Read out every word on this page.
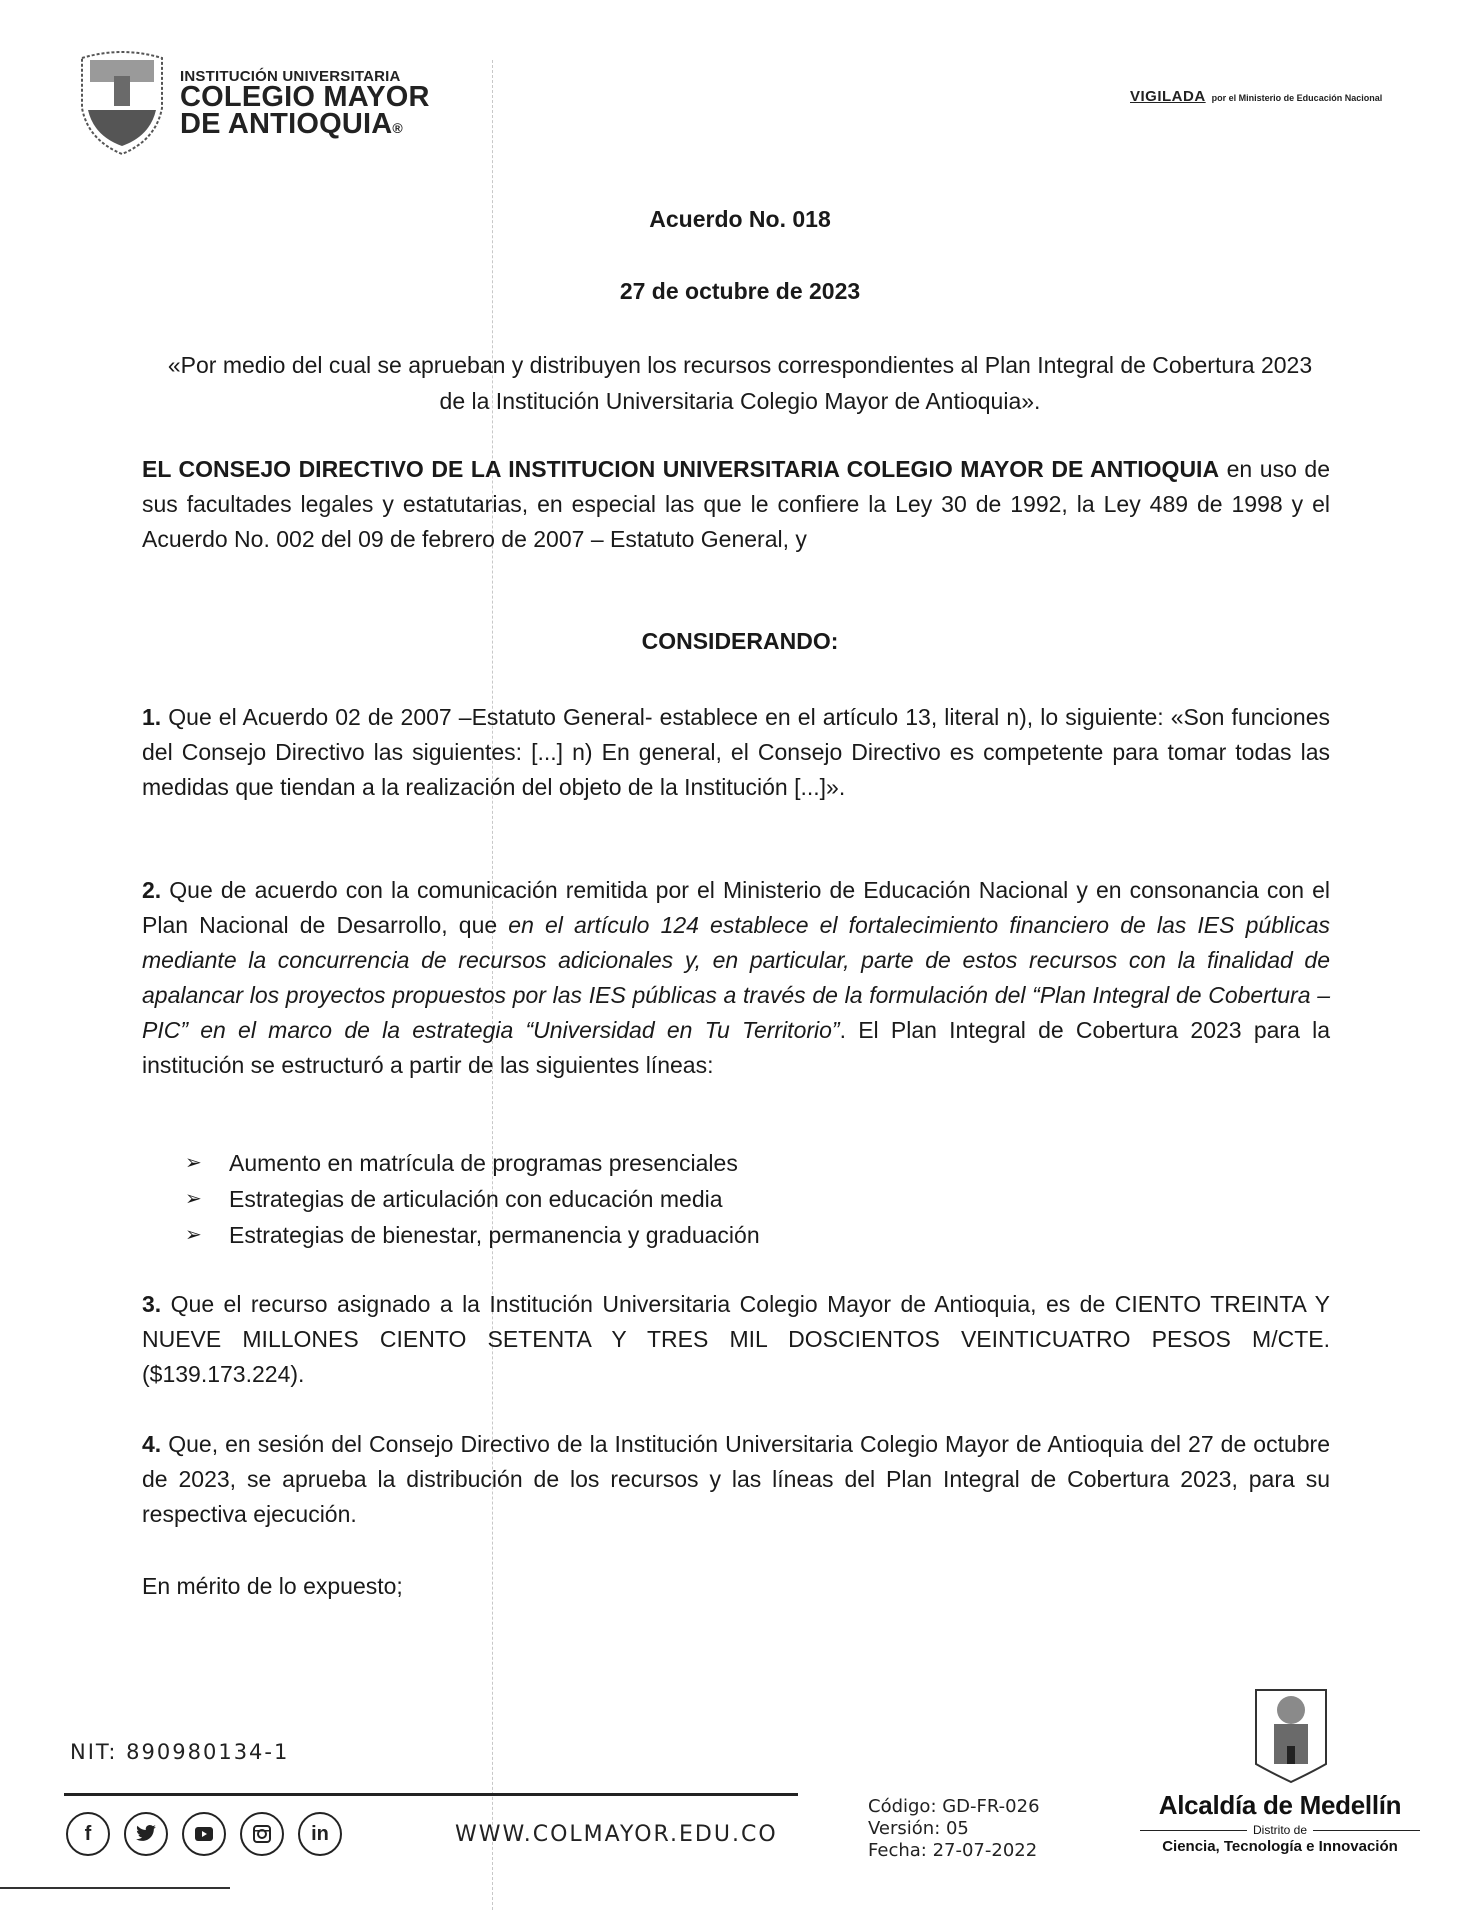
INSTITUCIÓN UNIVERSITARIA
COLEGIO MAYOR
DE ANTIOQUIA®
VIGILADA por el Ministerio de Educación Nacional
Acuerdo No. 018
27 de octubre de 2023
«Por medio del cual se aprueban y distribuyen los recursos correspondientes al Plan Integral de Cobertura 2023 de la Institución Universitaria Colegio Mayor de Antioquia».
EL CONSEJO DIRECTIVO DE LA INSTITUCION UNIVERSITARIA COLEGIO MAYOR DE ANTIOQUIA en uso de sus facultades legales y estatutarias, en especial las que le confiere la Ley 30 de 1992, la Ley 489 de 1998 y el Acuerdo No. 002 del 09 de febrero de 2007 – Estatuto General, y
CONSIDERANDO:
1. Que el Acuerdo 02 de 2007 –Estatuto General- establece en el artículo 13, literal n), lo siguiente: «Son funciones del Consejo Directivo las siguientes: [...] n) En general, el Consejo Directivo es competente para tomar todas las medidas que tiendan a la realización del objeto de la Institución [...]».
2. Que de acuerdo con la comunicación remitida por el Ministerio de Educación Nacional y en consonancia con el Plan Nacional de Desarrollo, que en el artículo 124 establece el fortalecimiento financiero de las IES públicas mediante la concurrencia de recursos adicionales y, en particular, parte de estos recursos con la finalidad de apalancar los proyectos propuestos por las IES públicas a través de la formulación del “Plan Integral de Cobertura – PIC” en el marco de la estrategia “Universidad en Tu Territorio”. El Plan Integral de Cobertura 2023 para la institución se estructuró a partir de las siguientes líneas:
➢	Aumento en matrícula de programas presenciales
➢	Estrategias de articulación con educación media
➢	Estrategias de bienestar, permanencia y graduación
3. Que el recurso asignado a la Institución Universitaria Colegio Mayor de Antioquia, es de CIENTO TREINTA Y NUEVE MILLONES CIENTO SETENTA Y TRES MIL DOSCIENTOS VEINTICUATRO PESOS M/CTE. ($139.173.224).
4. Que, en sesión del Consejo Directivo de la Institución Universitaria Colegio Mayor de Antioquia del 27 de octubre de 2023, se aprueba la distribución de los recursos y las líneas del Plan Integral de Cobertura 2023, para su respectiva ejecución.
En mérito de lo expuesto;
NIT: 890980134-1
f	in	WWW.COLMAYOR.EDU.CO
Código: GD-FR-026
Versión: 05
Fecha: 27-07-2022
Alcaldía de Medellín
Distrito de
Ciencia, Tecnología e Innovación
